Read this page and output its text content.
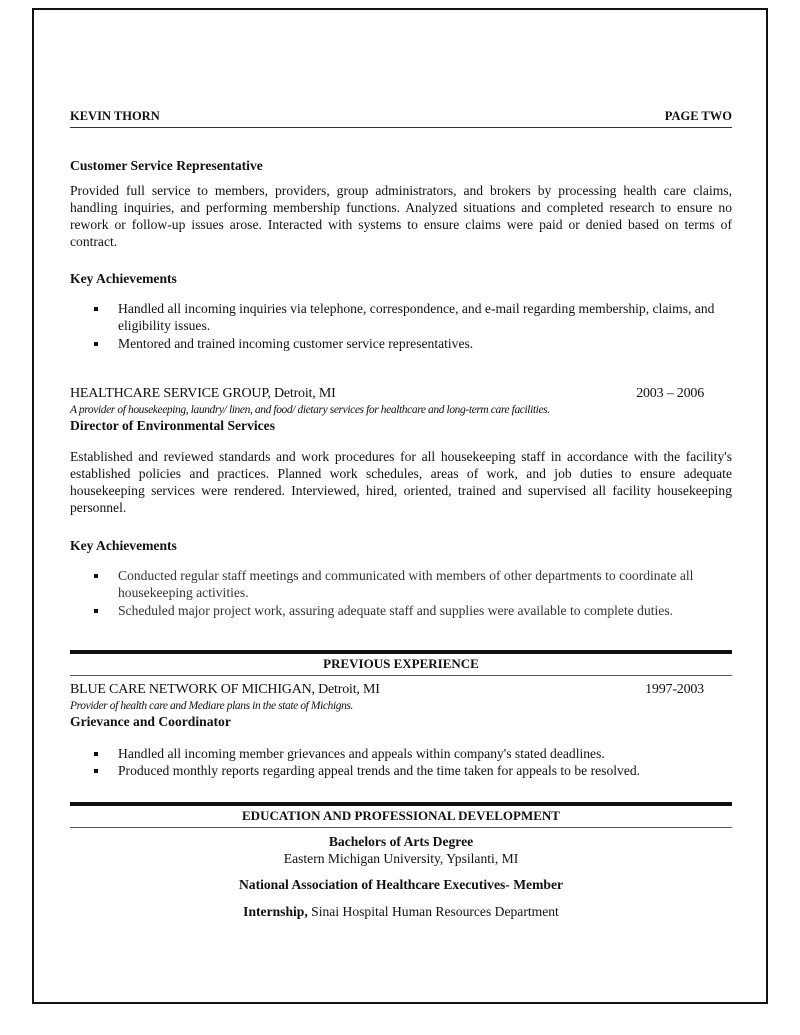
KEVIN THORN	PAGE TWO
Customer Service Representative

Provided full service to members, providers, group administrators, and brokers by processing health care claims, handling inquiries, and performing membership functions. Analyzed situations and completed research to ensure no rework or follow-up issues arose. Interacted with systems to ensure claims were paid or denied based on terms of contract.

Key Achievements
Handled all incoming inquiries via telephone, correspondence, and e-mail regarding membership, claims, and eligibility issues.
Mentored and trained incoming customer service representatives.
HEALTHCARE SERVICE GROUP, Detroit, MI	2003 – 2006
A provider of housekeeping, laundry/ linen, and food/ dietary services for healthcare and long-term care facilities.
Director of Environmental Services

Established and reviewed standards and work procedures for all housekeeping staff in accordance with the facility's established policies and practices. Planned work schedules, areas of work, and job duties to ensure adequate housekeeping services were rendered. Interviewed, hired, oriented, trained and supervised all facility housekeeping personnel.

Key Achievements
Conducted regular staff meetings and communicated with members of other departments to coordinate all housekeeping activities.
Scheduled major project work, assuring adequate staff and supplies were available to complete duties.
PREVIOUS EXPERIENCE
BLUE CARE NETWORK OF MICHIGAN, Detroit, MI	1997-2003
Provider of health care and Mediare plans in the state of Michigns.
Grievance and Coordinator
Handled all incoming member grievances and appeals within company's stated deadlines.
Produced monthly reports regarding appeal trends and the time taken for appeals to be resolved.
EDUCATION AND PROFESSIONAL DEVELOPMENT
Bachelors of Arts Degree
Eastern Michigan University, Ypsilanti, MI
National Association of Healthcare Executives- Member
Internship, Sinai Hospital Human Resources Department
